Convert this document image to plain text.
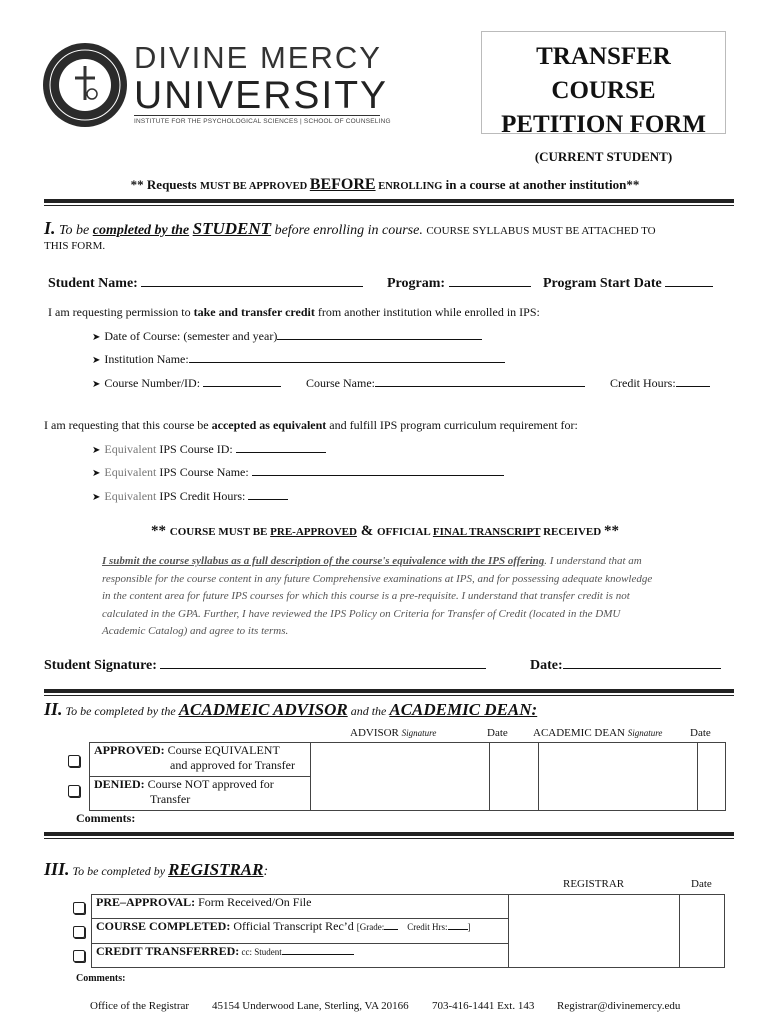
DIVINE MERCY
UNIVERSITY
INSTITUTE FOR THE PSYCHOLOGICAL SCIENCES | SCHOOL OF COUNSELING
TRANSFER COURSE
PETITION FORM
(CURRENT STUDENT)
** Requests MUST BE APPROVED BEFORE ENROLLING in a course at another institution**
I. To be completed by the STUDENT before enrolling in course. COURSE SYLLABUS MUST BE ATTACHED TO
THIS FORM.
Student Name:	Program:	Program Start Date
I am requesting permission to take and transfer credit from another institution while enrolled in IPS:
➤ Date of Course: (semester and year)
➤ Institution Name:
➤ Course Number/ID:	Course Name:	Credit Hours:
I am requesting that this course be accepted as equivalent and fulfill IPS program curriculum requirement for:
➤ Equivalent IPS Course ID:
➤ Equivalent IPS Course Name:
➤ Equivalent IPS Credit Hours:
** COURSE MUST BE PRE-APPROVED & OFFICIAL FINAL TRANSCRIPT RECEIVED **
I submit the course syllabus as a full description of the course's equivalence with the IPS offering. I understand that am responsible for the course content in any future Comprehensive examinations at IPS, and for possessing adequate knowledge in the content area for future IPS courses for which this course is a pre-requisite. I understand that transfer credit is not calculated in the GPA. Further, I have reviewed the IPS Policy on Criteria for Transfer of Credit (located in the DMU Academic Catalog) and agree to its terms.
Student Signature:	Date:
II. To be completed by the ACADMEIC ADVISOR and the ACADEMIC DEAN:
ADVISOR Signature	Date ACADEMIC DEAN Signature	Date
APPROVED: Course EQUIVALENT
and approved for Transfer				
DENIED: Course NOT approved for
Transfer
Comments:
III. To be completed by REGISTRAR:
REGISTRAR	Date
PRE–APPROVAL: Form Received/On File		
COURSE COMPLETED: Official Transcript Rec’d [Grade:	Credit Hrs: ]
CREDIT TRANSFERRED: cc: Student
Comments:
Office of the Registrar 45154 Underwood Lane, Sterling, VA 20166 703-416-1441 Ext. 143 Registrar@divinemercy.edu
